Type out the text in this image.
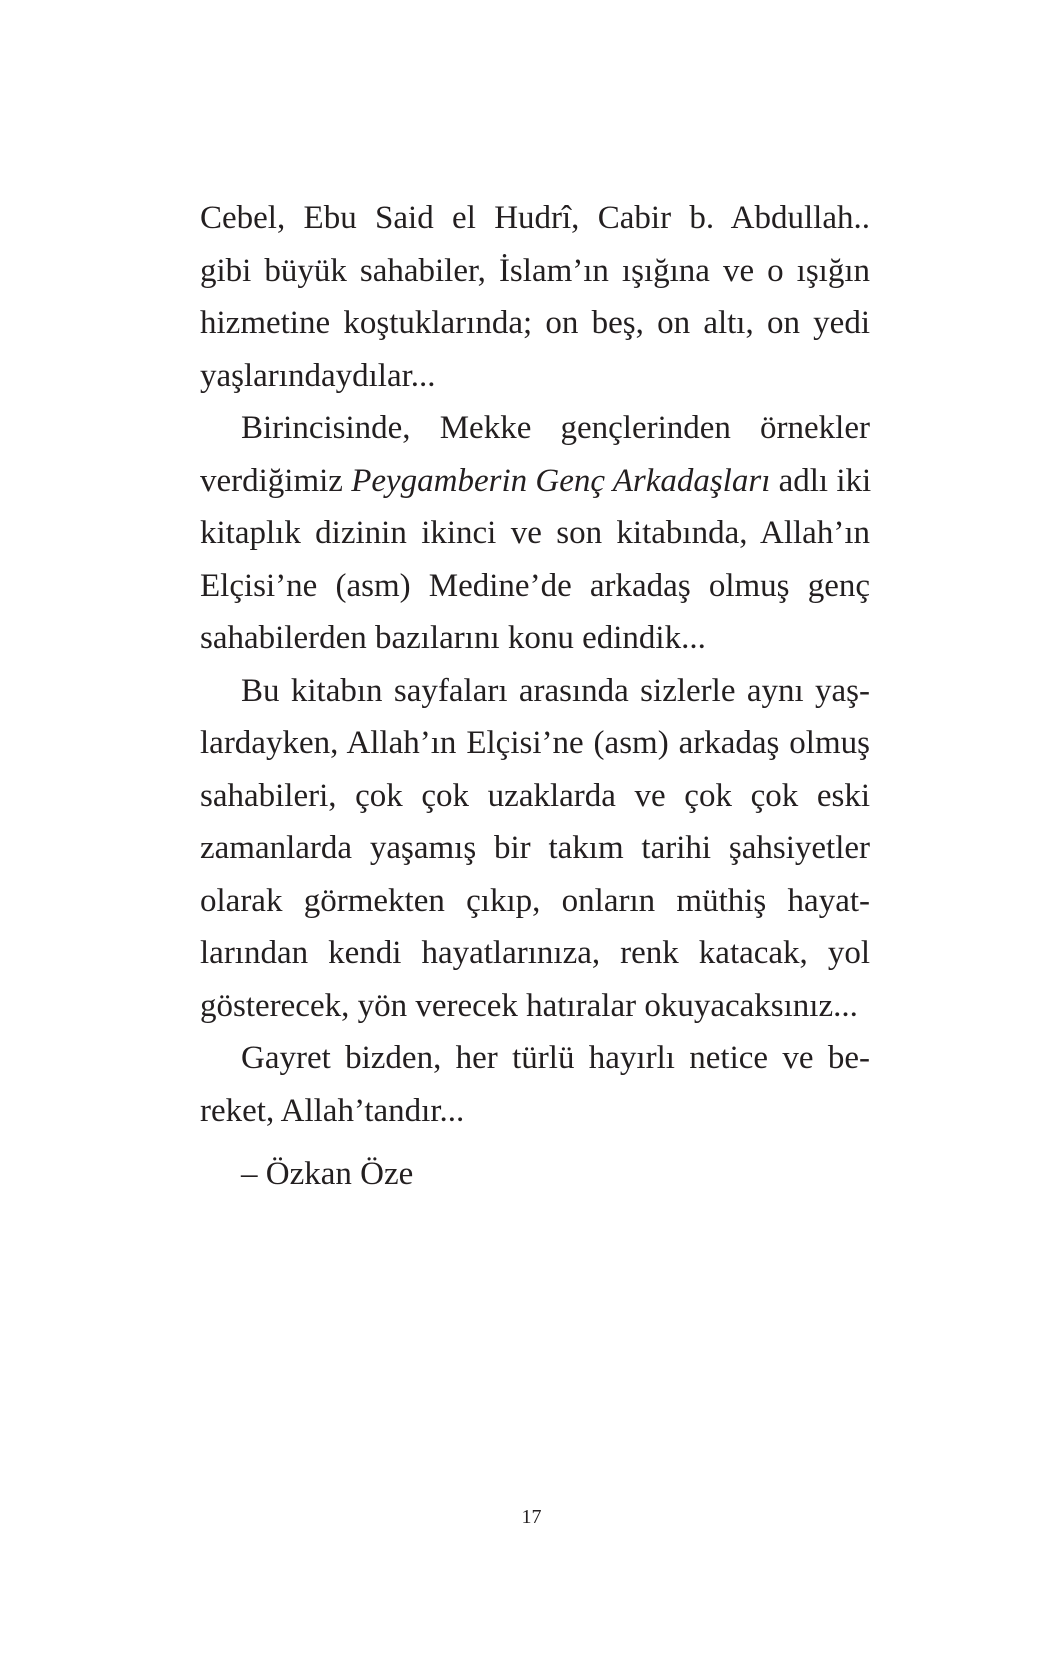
Cebel, Ebu Said el Hudrî, Cabir b. Abdullah..
gibi büyük sahabiler, İslam’ın ışığına ve o ışığın
hizmetine koştuklarında; on beş, on altı, on yedi
yaşlarındaydılar...
Birincisinde, Mekke gençlerinden örnekler
verdiğimiz Peygamberin Genç Arkadaşları adlı iki
kitaplık dizinin ikinci ve son kitabında, Allah’ın
Elçisi’ne (asm) Medine’de arkadaş olmuş genç
sahabilerden bazılarını konu edindik...
Bu kitabın sayfaları arasında sizlerle aynı yaş-
lardayken, Allah’ın Elçisi’ne (asm) arkadaş olmuş
sahabileri, çok çok uzaklarda ve çok çok eski
zamanlarda yaşamış bir takım tarihi şahsiyetler
olarak görmekten çıkıp, onların müthiş hayat-
larından kendi hayatlarınıza, renk katacak, yol
gösterecek, yön verecek hatıralar okuyacaksınız...
Gayret bizden, her türlü hayırlı netice ve be-
reket, Allah’tandır...
– Özkan Öze
17
